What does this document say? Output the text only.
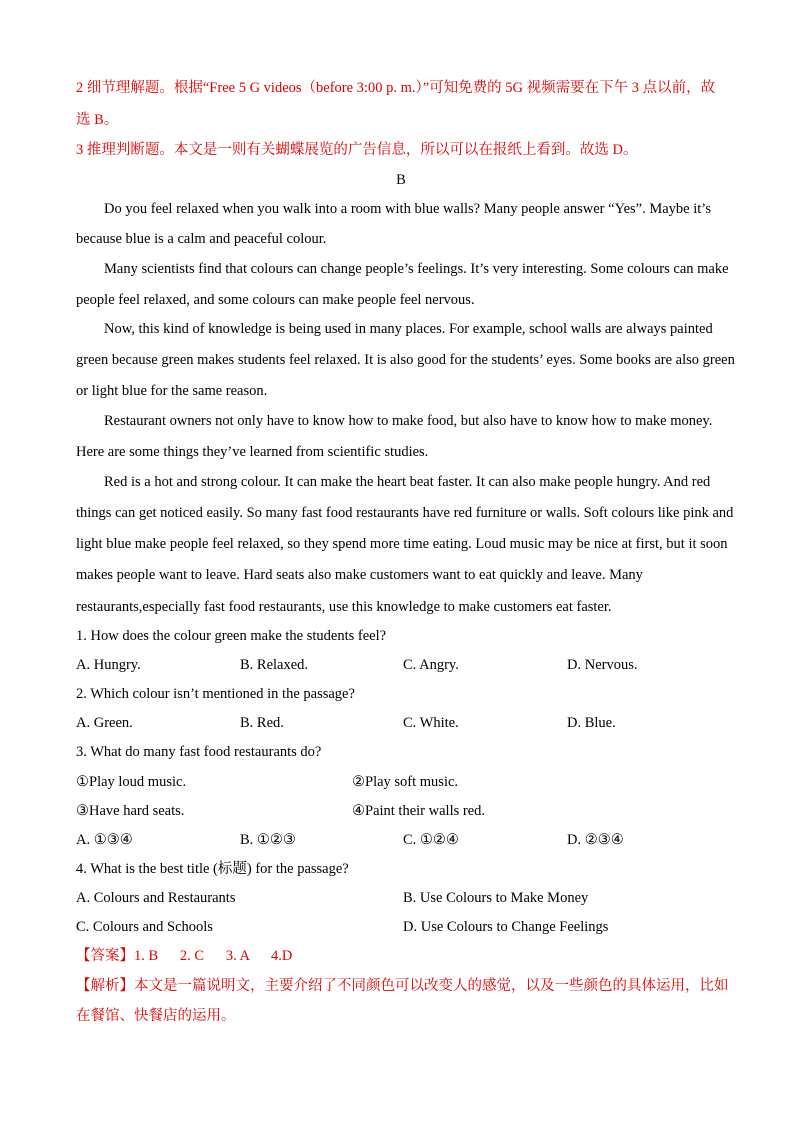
2 细节理解题。根据“Free 5 G videos（before 3:00 p. m.）”可知免费的 5G 视频需要在下午 3 点以前，故
选 B。
3 推理判断题。本文是一则有关蝴蝶展览的广告信息，所以可以在报纸上看到。故选 D。
B
Do you feel relaxed when you walk into a room with blue walls? Many people answer “Yes”. Maybe it’s
because blue is a calm and peaceful colour.
Many scientists find that colours can change people’s feelings. It’s very interesting. Some colours can make
people feel relaxed, and some colours can make people feel nervous.
Now, this kind of knowledge is being used in many places. For example, school walls are always painted
green because green makes students feel relaxed. It is also good for the students’ eyes. Some books are also green
or light blue for the same reason.
Restaurant owners not only have to know how to make food, but also have to know how to make money.
Here are some things they’ve learned from scientific studies.
Red is a hot and strong colour. It can make the heart beat faster. It can also make people hungry. And red
things can get noticed easily. So many fast food restaurants have red furniture or walls. Soft colours like pink and
light blue make people feel relaxed, so they spend more time eating. Loud music may be nice at first, but it soon
makes people want to leave. Hard seats also make customers want to eat quickly and leave. Many
restaurants,especially fast food restaurants, use this knowledge to make customers eat faster.
1. How does the colour green make the students feel?
A. Hungry.	B. Relaxed.	C. Angry.	D. Nervous.
2. Which colour isn’t mentioned in the passage?
A. Green.	B. Red.	C. White.	D. Blue.
3. What do many fast food restaurants do?
①Play loud music.	②Play soft music.
③Have hard seats.	④Paint their walls red.
A. ①③④	B. ①②③	C. ①②④	D. ②③④
4. What is the best title (标题) for the passage?
A. Colours and Restaurants	B. Use Colours to Make Money
C. Colours and Schools	D. Use Colours to Change Feelings
【答案】1. B      2. C      3. A      4.D
【解析】本文是一篇说明文，主要介绍了不同颜色可以改变人的感觉，以及一些颜色的具体运用，比如
在餐馆、快餐店的运用。
